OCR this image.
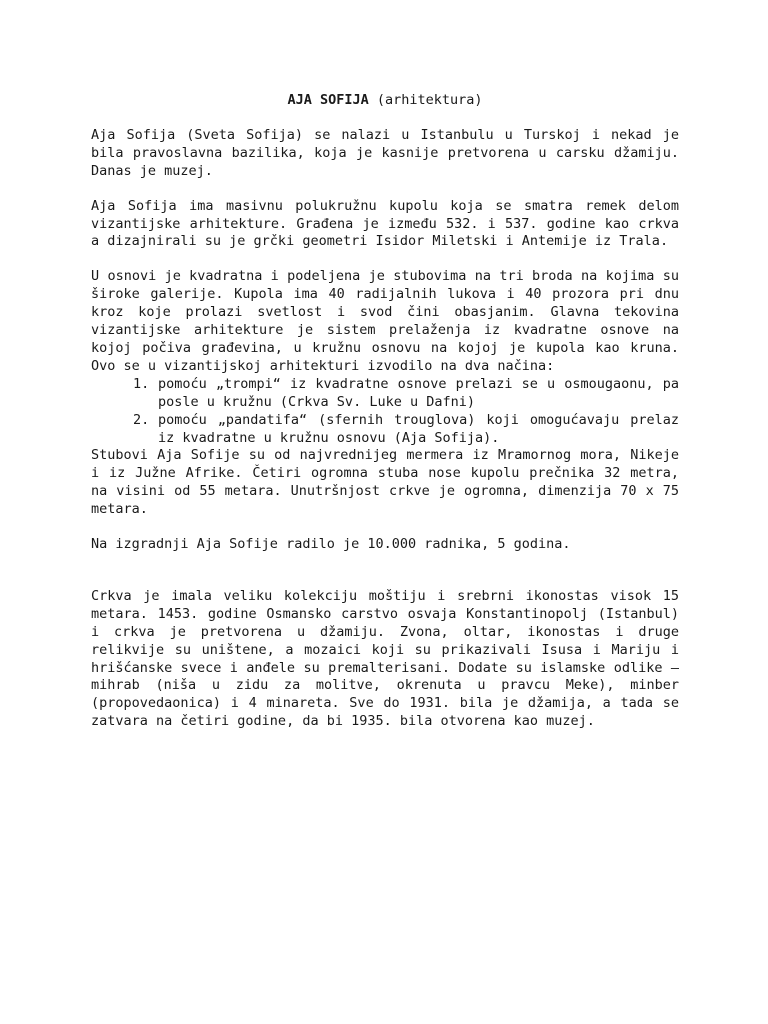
AJA SOFIJA (arhitektura)

Aja Sofija (Sveta Sofija) se nalazi u Istanbulu u Turskoj i nekad je bila pravoslavna bazilika, koja je kasnije pretvorena u carsku džamiju. Danas je muzej.

Aja Sofija ima masivnu polukružnu kupolu koja se smatra remek delom vizantijske arhitekture. Građena je između 532. i 537. godine kao crkva a dizajnirali su je grčki geometri Isidor Miletski i Antemije iz Trala.

U osnovi je kvadratna i podeljena je stubovima na tri broda na kojima su široke galerije. Kupola ima 40 radijalnih lukova i 40 prozora pri dnu kroz koje prolazi svetlost i svod čini obasjanim. Glavna tekovina vizantijske arhitekture je sistem prelaženja iz kvadratne osnove na kojoj počiva građevina, u kružnu osnovu na kojoj je kupola kao kruna. Ovo se u vizantijskoj arhitekturi izvodilo na dva načina:

1. pomoću „trompi“ iz kvadratne osnove prelazi se u osmougaonu, pa posle u kružnu (Crkva Sv. Luke u Dafni)
2. pomoću „pandatifa“ (sfernih trouglova) koji omogućavaju prelaz iz kvadratne u kružnu osnovu (Aja Sofija).

Stubovi Aja Sofije su od najvrednijeg mermera iz Mramornog mora, Nikeje i iz Južne Afrike. Četiri ogromna stuba nose kupolu prečnika 32 metra, na visini od 55 metara. Unutršnjost crkve je ogromna, dimenzija 70 x 75 metara.

Na izgradnji Aja Sofije radilo je 10.000 radnika, 5 godina.

Crkva je imala veliku kolekciju moštiju i srebrni ikonostas visok 15 metara. 1453. godine Osmansko carstvo osvaja Konstantinopolj (Istanbul) i crkva je pretvorena u džamiju. Zvona, oltar, ikonostas i druge relikvije su uništene, a mozaici koji su prikazivali Isusa i Mariju i hrišćanske svece i anđele su premalterisani. Dodate su islamske odlike – mihrab (niša u zidu za molitve, okrenuta u pravcu Meke), minber (propovedaonica) i 4 minareta. Sve do 1931. bila je džamija, a tada se zatvara na četiri godine, da bi 1935. bila otvorena kao muzej.
